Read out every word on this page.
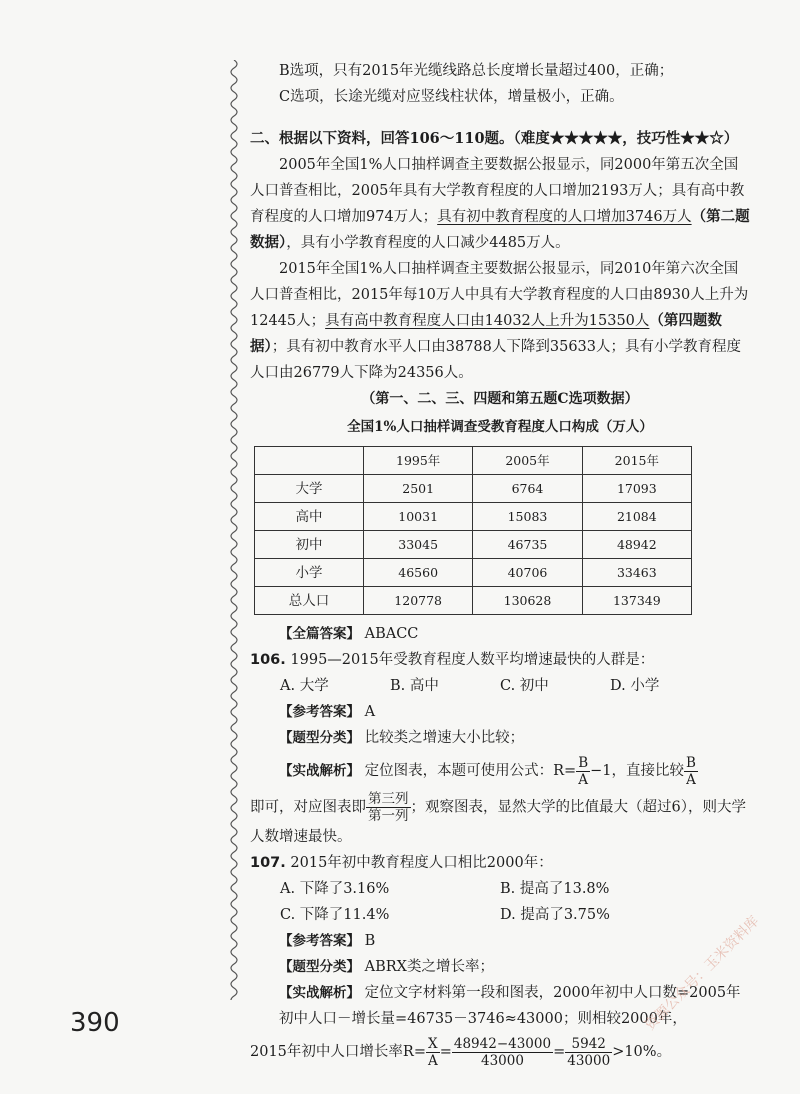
B选项，只有2015年光缆线路总长度增长量超过400，正确；

C选项，长途光缆对应竖线柱状体，增量极小，正确。

二、根据以下资料，回答106～110题。（难度★★★★★，技巧性★★☆）

2005年全国1%人口抽样调查主要数据公报显示，同2000年第五次全国人口普查相比，2005年具有大学教育程度的人口增加2193万人；具有高中教育程度的人口增加974万人；具有初中教育程度的人口增加3746万人（第二题数据），具有小学教育程度的人口减少4485万人。

2015年全国1%人口抽样调查主要数据公报显示，同2010年第六次全国人口普查相比，2015年每10万人中具有大学教育程度的人口由8930人上升为12445人；具有高中教育程度人口由14032人上升为15350人（第四题数据）；具有初中教育水平人口由38788人下降到35633人；具有小学教育程度人口由26779人下降为24356人。

（第一、二、三、四题和第五题C选项数据）

全国1%人口抽样调查受教育程度人口构成（万人）

	1995年	2005年	2015年
大学	2501	6764	17093
高中	10031	15083	21084
初中	33045	46735	48942
小学	46560	40706	33463
总人口	120778	130628	137349

【全篇答案】 ABACC

106. 1995—2015年受教育程度人数平均增速最快的人群是：

A. 大学	B. 高中	C. 初中	D. 小学

【参考答案】 A

【题型分类】 比较类之增速大小比较；

【实战解析】 定位图表，本题可使用公式：$R= \frac{B}{A} -1$，直接比较 $\frac{B}{A}$

即可，对应图表即 $\frac{\text{第三列}}{\text{第一列}}$ ；观察图表，显然大学的比值最大（超过6），则大学人数增速最快。

107. 2015年初中教育程度人口相比2000年：

A. 下降了3.16%	B. 提高了13.8%
C. 下降了11.4%	D. 提高了3.75%

【参考答案】 B

【题型分类】 ABRX类之增长率；

【实战解析】 定位文字材料第一段和图表，2000年初中人口数=2005年初中人口－增长量=46735－3746≈43000；则相较2000年，

2015年初中人口增长率$R= \frac{X}{A} = \frac{48942-43000}{43000} = \frac{5942}{43000} >10\%$。

390	资源公众号：玉米资料库
